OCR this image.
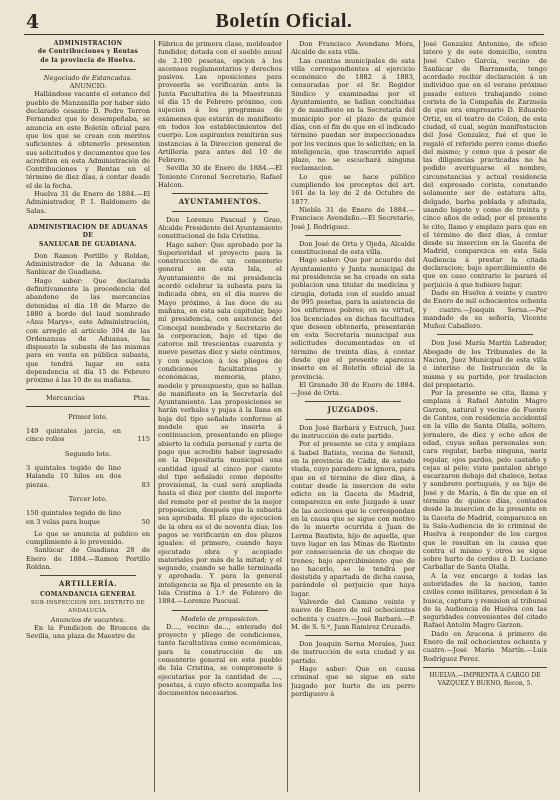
4	Boletín Oficial.
ADMINISTRACION
de Contribuciones y Rentas
de la provincia de Huelva.
Negociado de Estancadas.
ANUNCIO.

Hallándose vacante el estanco del pueblo de Manzanilla por haber sido declarado cesante D. Pedro Terron Fernandez que lo desempeñaba, se anuncia en este Boletín oficial para que los que se crean con méritos suficientes á obtenerlo presenten sus solicitudes y documentos que les acrediten en esta Administración de Contribuciones y Rentas en el término de diez días, á contar desde el de la fecha.

Huelva 31 de Enero de 1884.—El Administrador, P. I. Baldomero de Salas.

ADMINISTRACION DE ADUANAS
DE
SANLUCAR DE GUADIANA.

Don Ramon Portillo y Roldan, Administrador de la Aduana de Sanlúcar de Guadiana.

Hago saber: Que declarada definitivamente la procedencia del abandono de las mercancías detenidas el día 18 de Marzo de 1880 á bordo del laud nombrado «Anu Marys», este Administración, con arreglo al artículo 304 de las Ordenanzas de Aduanas, ha dispuesto la subasta de las mismas para en venta en pública subasta, que tendrá lugar en esta dependencia el día 15 de Febrero próximo á las 10 de su mañana.

Mercancías	Ptas.
Primer lote.
149 quintales jarcia, en cinco rollos	115
Segundo lote.
3 quintales tegido de lino Halanda 10 hilos en dos piezas.	83
Tercer lote.
150 quintales tegido de lino en 3 velas para buque	50

Lo que se anuncia al público en cumplimiento á lo prevenido.

Sanlúcar de Guadiana 28 de Enero de 1884.—Ramon Portillo Roldan.

ARTILLERÍA.
COMANDANCIA GENERAL
SUB-INSPECCION DEL DISTRITO DE ANDALUCÍA.
Anuncios de vacantes.

En la Fundicion de Bronces de Sevilla, una plaza de Maestro de

Fábrica de primera clase, moldeador fundidor, dotada con el sueldo anual de 2.100 pesetas, opcion á los ascensos reglamentarios y derechos pasivos. Las oposiciones para proveerla se verificarán ante la Junta Facultativa de la Maestranza el día 15 de Febrero próximo, con sujecion á los programas de exámenes que estarán de manifiesto en todos los establecimientos del cuerpo. Los aspirantes remitirán sus instancias á la Direccion general de Artillería para antes del 10 de Febrero.

Sevilla 30 de Enero de 1884.—El Teniente Coronel Secretario, Rafael Halcon.

AYUNTAMIENTOS.

Don Lorenzo Pascual y Grao, Alcalde Presidente del Ayuntamiento constitucional de Isla Cristina.

Hago saber: Que aprobado por la Superioridad el proyecto para la construcción de un cementerio general en esta Isla, el Ayuntamiento de mi presidencia acordó celebrar la subasta para la indicada obra, en el día nueve de Mayo próximo, á las doce de su mañana, en esta sala capitular, bajo mi presidencia, con asistencia del Concejal nombrado y Secretario de la corporacion, bajo el tipo de catorce mil trescientas cuarenta y nueve pesetas diez y siete céntimos, y con sujecion á los pliegos de condiciones facultativas y económicas, memoria, plano, modelo y presupuesto, que se hallan de manifiesto en la Secretaría del Ayuntamiento. Las proposiciones se harán verbales y pujas á la llana en baja del tipo señalado conforme al modelo que se inserta á continuacion, presentando en pliego abierto la cédula personal y carta de pago que acredite haber ingresado en la Depositaría municipal una cantidad igual al cinco por ciento del tipo señalado como depósito provisional, la cual será ampliada hasta el diez por ciento del importe del remate por el postor de la mejor proposicion, después que la subasta sea aprobada. El plazo de ejecucion de la obra es el de noventa días; los pagos se verificarán en dos plazos iguales: el primero, cuando haya ejecutado obra y acopiado materiales por más de la mitad; y el segundo, cuando se halle terminada y aprobada. Y para la general inteligencia se fija el presente en la Isla Cristina á 1.º de Febrero de 1884.—Lorenzo Pascual.

Modelo de proposicion.

D...., vecino de..., enterado del proyecto y pliego de condiciones, tanto facultativas como económicas, para la construcción de un cementerio general en este pueblo de Isla Cristina, se compromete á ejecutarlas por la cantidad de ...., pesetas, á cuyo efecto acompaña los documentos necesarios.

Don Francisco Avendano Mora, Alcalde de esta villa.

Las cuentas municipales de esta villa correspondientes al ejercicio económico de 1882 á 1883, censuradas por el Sr. Regidor Síndico y examinadas por el Ayuntamiento, se hallan concluidas y de manifiesto en la Secretaría del municipio por el plazo de quince días, con el fin de que en el indicado término puedan ser inspeccionadas por los vecinos que lo soliciten; en la inteligencia, que trascurrido aquel plazo, no se escuchará ninguna reclamacion.

Lo que se hace público cumpliendo los preceptos del art. 161 de la ley de 2 de Octubre de 1877.

Niebla 31 de Enero de 1884.—Francisco Avendaño.—El Secretario, José J. Rodriguez.

Don José de Orta y Ojeda, Alcalde constitucional de esta villa.

Hago saber: Que por acuerdo del Ayuntamiento y Junta municipal de mi presidencia se ha creado en esta poblacion una titular de medicina y cirugía, dotada con el sueldo anual de 995 pesetas, para la asistencia de los enfermos pobres; en su virtud, los licenciados en dichas facultades que deseen obtenerla, presentarán en esta Secretaría municipal sus solicitudes documentadas en el término de treinta días, á contar desde que el presente aparezca inserto en el Boletín oficial de la provincia.

El Granado 30 de Enero de 1884.—José de Orta.

JUZGADOS.

Don José Barbará y Estruch, Juez de instrucción de este partido.

Por el presente se cita y emplaza á Isabel Batista, vecina de Setenil, en la provincia de Cádiz, de estado viuda, cuyo paradero se ignora, para que en el término de diez días, á contar desde la insercion de este edicto en la Gaceta de Madrid, comparezca en este Juzgado á usar de las acciones que le correspondan en la causa que se sigue con motivo de la muerte ocurrida á Juan de Lerma Bautista, hijo de aquella, que tuvo lugar en las Minas de Riotinto por consecuencia de un choque de trenes; bajo apercibimiento que de no hacerlo, se le tendrá por desistida y apartada de dicha causa, parándole el perjuicio que haya lugar.

Valverde del Camino veinte y nueve de Enero de mil ochocientos ochenta y cuatro.—José Barbará.—P. M. de S. S.ª, Juan Ramirez Cruzado.

Don Joaquin Serna Morales, Juez de instrucción de esta ciudad y su partido.

Hago saber: Que en causa criminal que se sigue en este Juzgado por hurto de un perro perdiguero á

José Gonzalez Antonino, de oficio latero y de este domicilio, contra José Calvo García, vecino de Sanlúcar de Barrameda, tengo acordado recibir declaración á un individuo que en el verano próximo pasado estuvo trabajando como corista de la Compañía de Zarzuela de que era empresario D. Eduardo Ortiz, en el teatro de Colon, de esta ciudad, el cual, según manifestacion del José Gonzalez, fué el que le regaló el referido perro como dueño del mismo; y como que á pesar de las diligencias practicadas no ha podido averiguarse el nombre, circunstancias y actual residencia del expresado corista, constando solamente ser de estatura alta, delgado, barba poblada y afeitada, usando bigote y como de treinta y cinco años de edad; por el presente le cito, llamo y emplazo para que en el término de diez días, á contar desde su insercion en la Gaceta de Madrid, comparezca en esta Sala Audiencia á prestar la citada declaracion; bajo apercibimiento de que en caso contrario le parará el perjuicio á que hubiere lugar.

Dado en Huelva á veinte y cuatro de Enero de mil ochocientos ochenta y cuatro.—Joaquin Serna.—Por mandado de su señoría, Vicente Muñoz Caballero.

Don José María Martín Labrador, Abogado de los Tribunales de la Nacion, Juez Municipal de esta villa é interino de Instrucción de la misma y su partido, por traslacion del propietario.

Por la presente se cita, llama y emplaza á Rafael Antolin Magro Garzon, natural y vecino de Fuente de Cantos, con residencia accidental en la villa de Santa Olalla, soltero, jornalero, de diez y ocho años de edad, cuyas señas personales son: cara regular, barba ninguna, nariz regular, ojos pardos, pelo castaño y cejas al pelo; viste pantalon abrigo escarzaron debajo del chaleco, botas y sombrero portugués, y es hijo de José y de María, á fin de que en el término de quince días, contados desde la insercion de la presente en la Gaceta de Madrid, comparezca en la Sala-Audiencia de lo criminal de Huelva á responder de los cargos que le resultan en la causa que contra el mismo y otros se sigue sobre hurto de cerdos á D. Luciano Carballar de Santa Olalla.

A la vez encargo á todas las autoridades de la nacion, tanto civiles como militares, procedan á la busca, captura y remision al tribunal de la Audiencia de Huelva con las seguridades convenientes del citado Rafael Antolin Magro Garzon.

Dado en Aracena á primero de Enero de mil ochocientos ochenta y cuatro.—José María Martín.—Luis Rodríguez Perez.

HUELVA.—IMPRENTA Á CARGO DE VAZQUEZ Y BUENO, Recon, 5.
